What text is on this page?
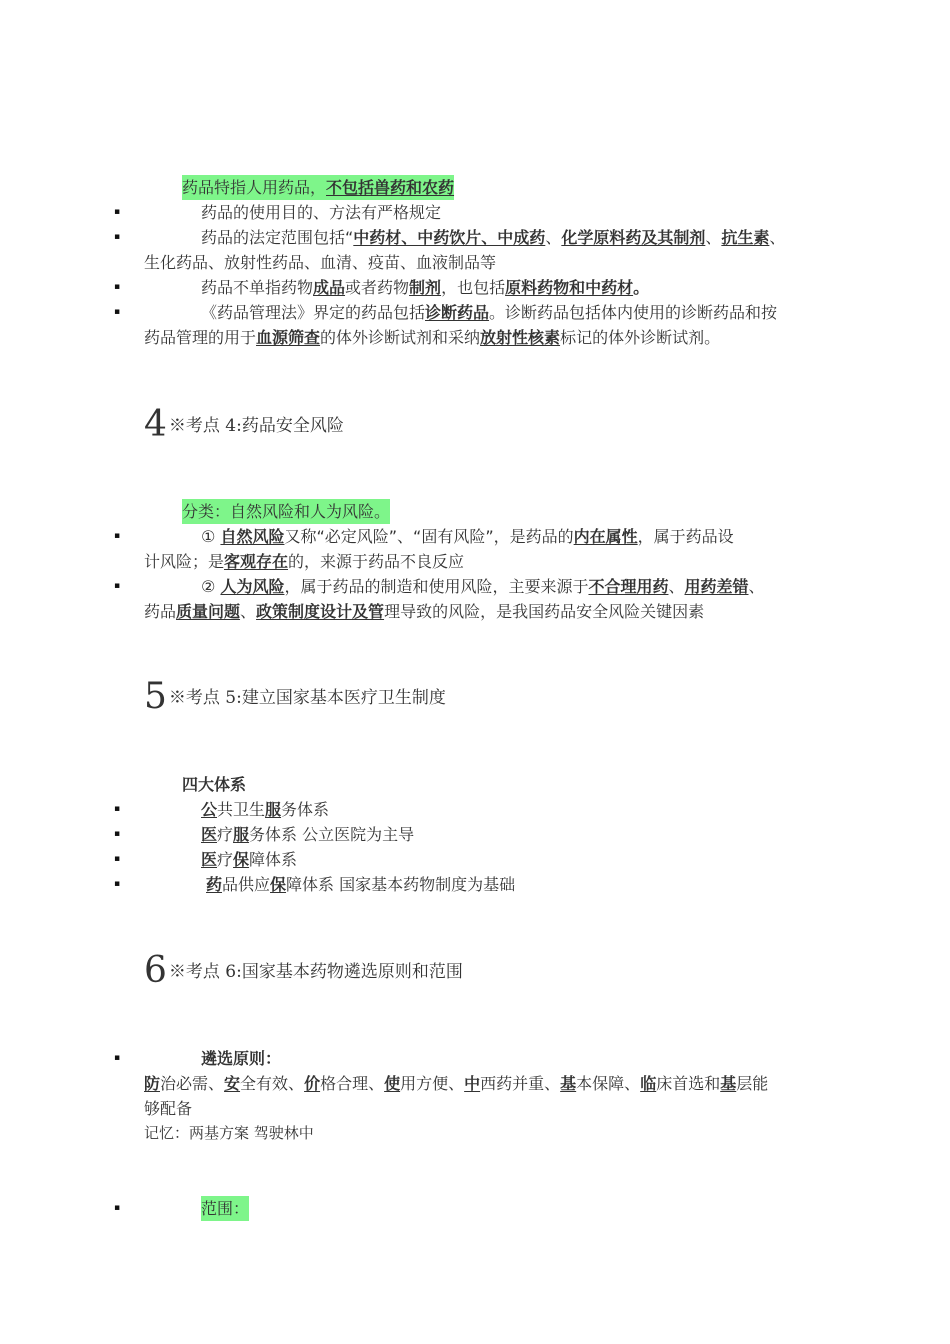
药品特指人用药品，不包括兽药和农药
▪	药品的使用目的、方法有严格规定
▪	药品的法定范围包括“中药材、中药饮片、中成药、化学原料药及其制剂、抗生素、
生化药品、放射性药品、血清、疫苗、血液制品等
▪	药品不单指药物成品或者药物制剂，也包括原料药物和中药材。
▪	《药品管理法》界定的药品包括诊断药品。诊断药品包括体内使用的诊断药品和按
药品管理的用于血源筛查的体外诊断试剂和采纳放射性核素标记的体外诊断试剂。
4 ※考点 4:药品安全风险
分类：自然风险和人为风险。
▪	① 自然风险又称“必定风险”、“固有风险”，是药品的内在属性，属于药品设
计风险；是客观存在的，来源于药品不良反应
▪	② 人为风险，属于药品的制造和使用风险，主要来源于不合理用药、用药差错、
药品质量问题、政策制度设计及管理导致的风险，是我国药品安全风险关键因素
5 ※考点 5:建立国家基本医疗卫生制度
四大体系
▪	公共卫生服务体系
▪	医疗服务体系 公立医院为主导
▪	医疗保障体系
▪	药品供应保障体系 国家基本药物制度为基础
6 ※考点 6:国家基本药物遴选原则和范围
▪	遴选原则：
防治必需、安全有效、价格合理、使用方便、中西药并重、基本保障、临床首选和基层能
够配备
记忆：两基方案 驾驶林中
▪	范围：
